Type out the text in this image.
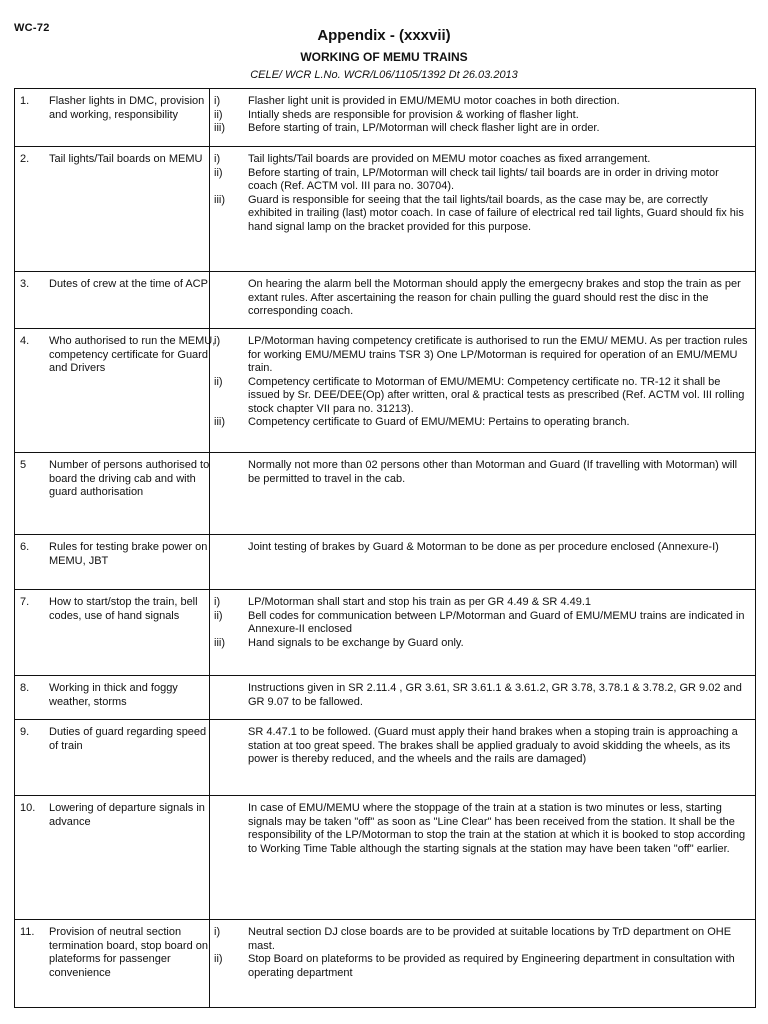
WC-72	Appendix - (xxxvii)
WORKING OF MEMU TRAINS
CELE/ WCR L.No. WCR/L06/1105/1392 Dt 26.03.2013
1.	Flasher lights in DMC, provision and working, responsibility
i)	Flasher light unit is provided in EMU/MEMU motor coaches in both direction.
ii)	Intially sheds are responsible for provision & working of flasher light.
iii)	Before starting of train, LP/Motorman will check flasher light are in order.
2.	Tail lights/Tail boards on MEMU	i)	Tail lights/Tail boards are provided on MEMU motor coaches as fixed arrangement.
ii)	Before starting of train, LP/Motorman will check tail lights/ tail boards are in order in driving motor coach (Ref. ACTM vol. III para no. 30704).
iii)	Guard is responsible for seeing that the tail lights/tail boards, as the case may be, are correctly exhibited in trailing (last) motor coach. In case of failure of electrical red tail lights, Guard should fix his hand signal lamp on the bracket provided for this purpose.
3.	Dutes of crew at the time of ACP	On hearing the alarm bell the Motorman should apply the emergecny brakes and stop the train as per extant rules. After ascertaining the reason for chain pulling the guard should rest the disc in the corresponding coach.
4.	Who authorised to run the MEMU, competency certificate for Guard and Drivers
i)	LP/Motorman having competency cretificate is authorised to run the EMU/ MEMU. As per traction rules for working EMU/MEMU trains TSR 3) One LP/Motorman is required for operation of an EMU/MEMU train.
ii)	Competency certificate to Motorman of EMU/MEMU: Competency certificate no. TR-12 it shall be issued by Sr. DEE/DEE(Op) after written, oral & practical tests as prescribed (Ref. ACTM vol. III rolling stock chapter VII para no. 31213).
iii)	Competency certificate to Guard of EMU/MEMU: Pertains to operating branch.
5	Number of persons authorised to board the driving cab and with guard authorisation
Normally not more than 02 persons other than Motorman and Guard (If travelling with Motorman) will be permitted to travel in the cab.
6.	Rules for testing brake power on MEMU, JBT
Joint testing of brakes by Guard & Motorman to be done as per procedure enclosed (Annexure-I)
7.	How to start/stop the train, bell codes, use of hand signals
i)	LP/Motorman shall start and stop his train as per GR 4.49 & SR 4.49.1
ii)	Bell codes for communication between LP/Motorman and Guard of EMU/MEMU trains are indicated in Annexure-II enclosed
iii)	Hand signals to be exchange by Guard only.
8.	Working in thick and foggy weather, storms
Instructions given in SR 2.11.4 , GR 3.61, SR 3.61.1 & 3.61.2, GR 3.78, 3.78.1 & 3.78.2, GR 9.02 and GR 9.07 to be fallowed.
9.	Duties of guard regarding speed of train
SR 4.47.1 to be followed. (Guard must apply their hand brakes when a stoping train is approaching a station at too great speed. The brakes shall be applied gradualy to avoid skidding the wheels, as its power is thereby reduced, and the wheels and the rails are damaged)
10.	Lowering of departure signals in advance
In case of EMU/MEMU where the stoppage of the train at a station is two minutes or less, starting signals may be taken "off" as soon as "Line Clear" has been received from the station. It shall be the responsibility of the LP/Motorman to stop the train at the station at which it is booked to stop according to Working Time Table although the starting signals at the station may have been taken "off" earlier.
11.	Provision of neutral section termination board, stop board on plateforms for passenger convenience
i)	Neutral section DJ close boards are to be provided at suitable locations by TrD department on OHE mast.
ii)	Stop Board on plateforms to be provided as required by Engineering department in consultation with operating department
